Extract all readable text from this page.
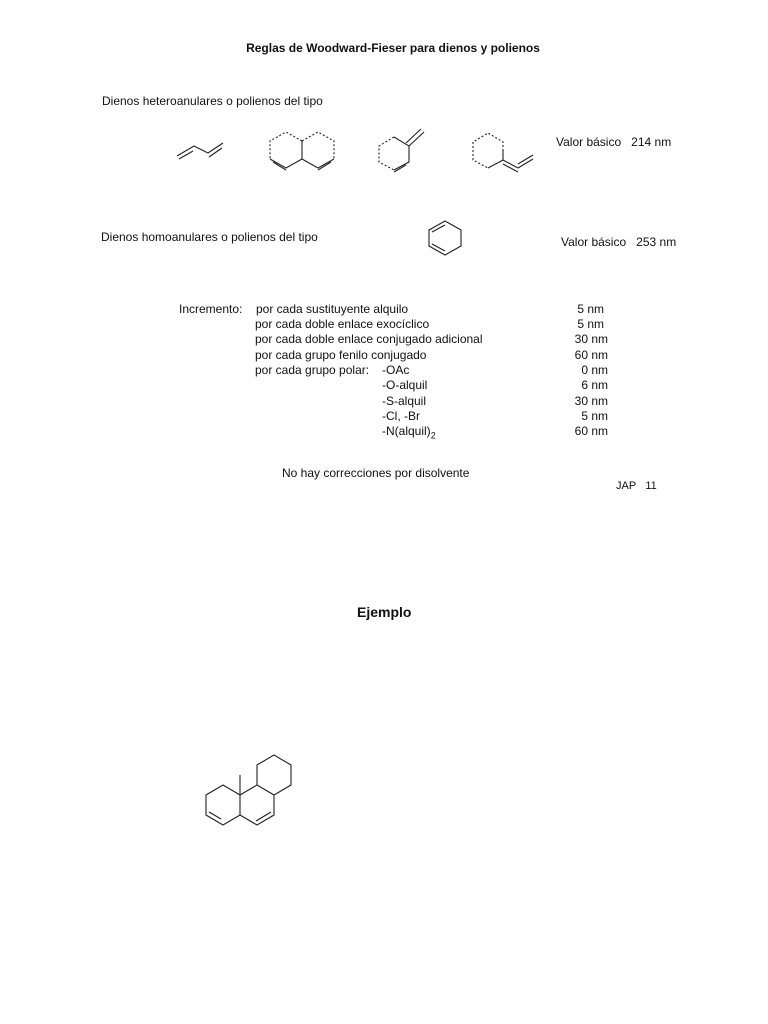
Reglas de Woodward-Fieser para dienos y polienos
Dienos heteroanulares o polienos del tipo
Valor básico 214 nm
Dienos homoanulares o polienos del tipo	Valor básico 253 nm
Incremento: por cada sustituyente alquilo	5 nm
por cada doble enlace exocíclico	5 nm
por cada doble enlace conjugado adicional	30 nm
por cada grupo fenilo conjugado	60 nm
por cada grupo polar: -OAc	0 nm
-O-alquil	6 nm
-S-alquil	30 nm
-Cl, -Br	5 nm
$-N(alquil)_2$	60 nm
No hay correcciones por disolvente
JAP 11
Ejemplo
